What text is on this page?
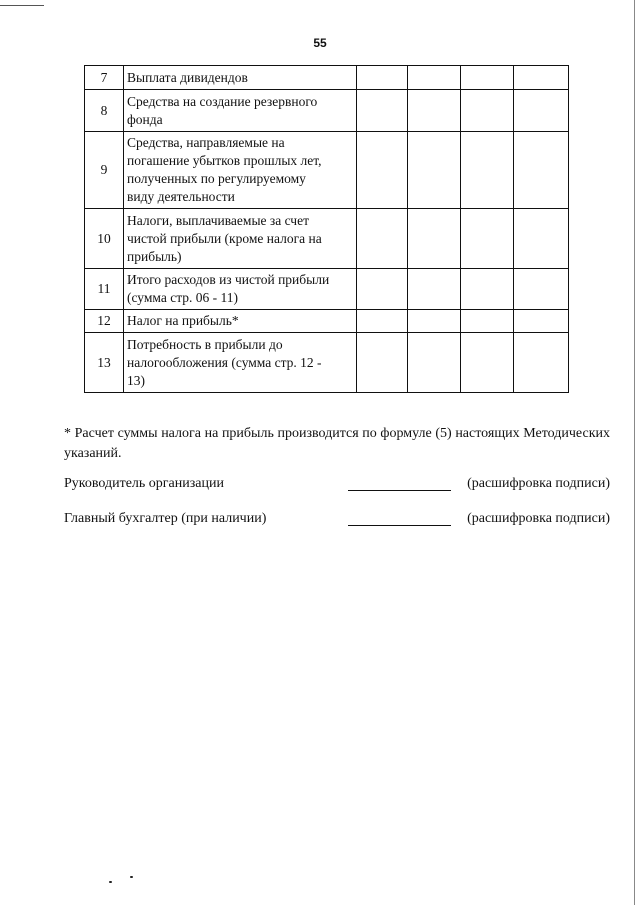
55
7	Выплата дивидендов				

8	Средства на создание резервного
фонда				

9	Средства, направляемые на
погашение убытков прошлых лет,
полученных по регулируемому
виду деятельности				

10	Налоги, выплачиваемые за счет
чистой прибыли (кроме налога на
прибыль)				

11	Итого расходов из чистой прибыли
(сумма стр. 06 - 11)				

12	Налог на прибыль*				

13	Потребность в прибыли до
налогообложения (сумма стр. 12 -
13)				

* Расчет суммы налога на прибыль производится по формуле (5) настоящих Методических указаний.
Руководитель организации	(расшифровка подписи)
Главный бухгалтер (при наличии)	(расшифровка подписи)
